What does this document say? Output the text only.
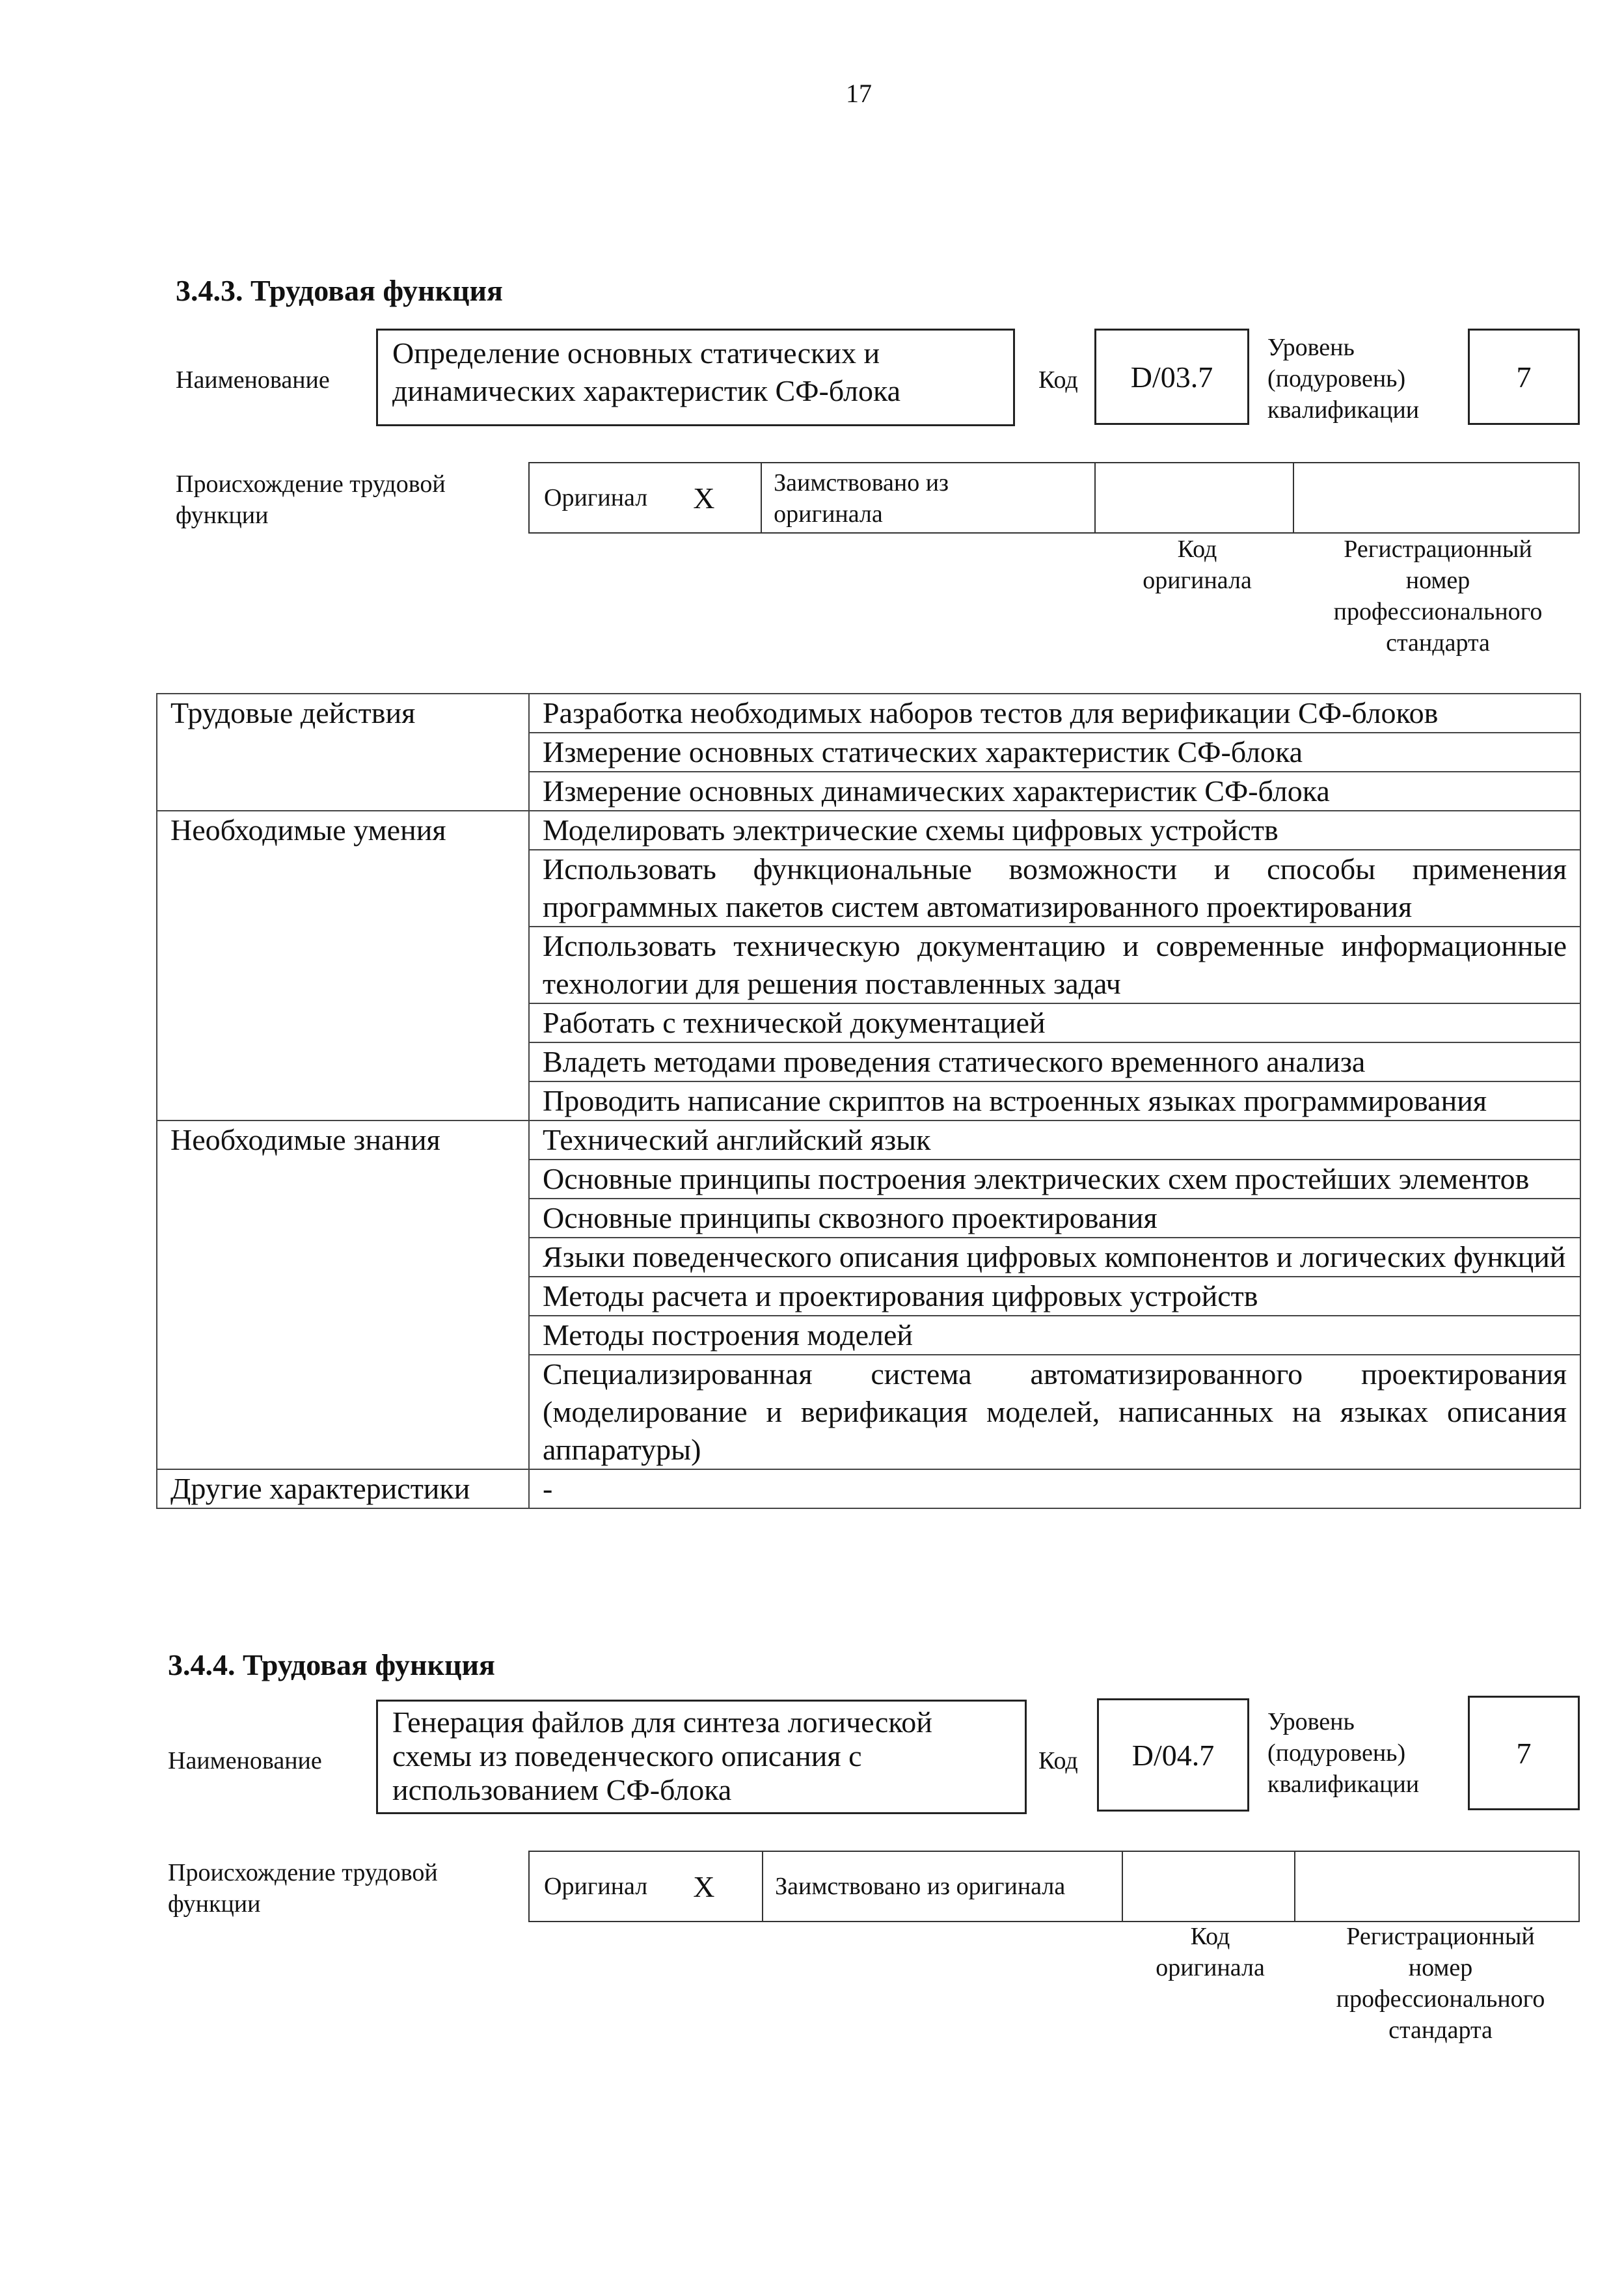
17
3.4.3. Трудовая функция
Наименование
Определение основных статических и
динамических характеристик СФ-блока	Код D/03.7
Уровень
(подуровень)
квалификации
7
Происхождение трудовой
функции
Оригинал X Заимствовано из
оригинала
Код
оригинала
Регистрационный
номер
профессионального
стандарта
Трудовые действия	Разработка необходимых наборов тестов для верификации СФ-блоков
	Измерение основных статических характеристик СФ-блока
	Измерение основных динамических характеристик СФ-блока
Необходимые умения	Моделировать электрические схемы цифровых устройств
	Использовать функциональные возможности и способы применения программных пакетов систем автоматизированного проектирования
	Использовать техническую документацию и современные информационные технологии для решения поставленных задач
	Работать с технической документацией
	Владеть методами проведения статического временного анализа
	Проводить написание скриптов на встроенных языках программирования
Необходимые знания	Технический английский язык
	Основные принципы построения электрических схем простейших элементов
	Основные принципы сквозного проектирования
	Языки поведенческого описания цифровых компонентов и логических функций
	Методы расчета и проектирования цифровых устройств
	Методы построения моделей
	Специализированная система автоматизированного проектирования (моделирование и верификация моделей, написанных на языках описания аппаратуры)
Другие характеристики	-
3.4.4. Трудовая функция
Наименование
Генерация файлов для синтеза логической
схемы из поведенческого описания с
использованием СФ-блока
Код D/04.7
Уровень
(подуровень)
квалификации
7
Происхождение трудовой
функции
Оригинал X Заимствовано из оригинала
Код
оригинала
Регистрационный
номер
профессионального
стандарта
